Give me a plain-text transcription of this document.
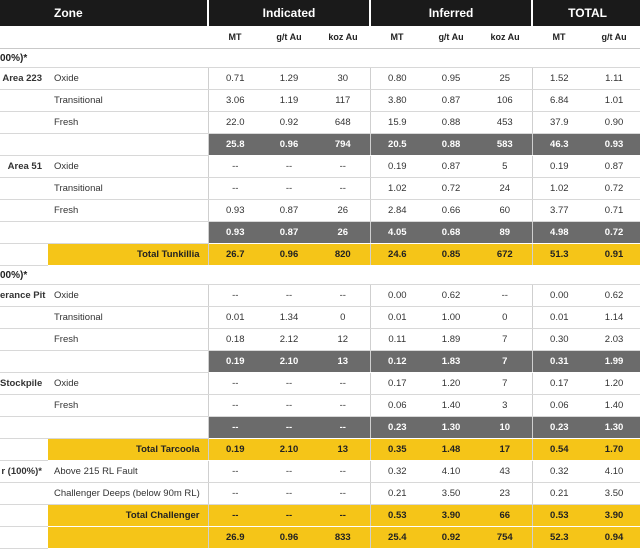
	Zone	Indicated			Inferred			TOTAL	
		MT	g/t Au	koz Au	MT	g/t Au	koz Au	MT	g/t Au
00%)*									
Area 223	Oxide	0.71	1.29	30	0.80	0.95	25	1.52	1.11
	Transitional	3.06	1.19	117	3.80	0.87	106	6.84	1.01
	Fresh	22.0	0.92	648	15.9	0.88	453	37.9	0.90
		25.8	0.96	794	20.5	0.88	583	46.3	0.93
Area 51	Oxide	--	--	--	0.19	0.87	5	0.19	0.87
	Transitional	--	--	--	1.02	0.72	24	1.02	0.72
	Fresh	0.93	0.87	26	2.84	0.66	60	3.77	0.71
		0.93	0.87	26	4.05	0.68	89	4.98	0.72
	Total Tunkillia	26.7	0.96	820	24.6	0.85	672	51.3	0.91
00%)*									
erance Pit	Oxide	--	--	--	0.00	0.62	--	0.00	0.62
	Transitional	0.01	1.34	0	0.01	1.00	0	0.01	1.14
	Fresh	0.18	2.12	12	0.11	1.89	7	0.30	2.03
		0.19	2.10	13	0.12	1.83	7	0.31	1.99
Stockpile	Oxide	--	--	--	0.17	1.20	7	0.17	1.20
	Fresh	--	--	--	0.06	1.40	3	0.06	1.40
		--	--	--	0.23	1.30	10	0.23	1.30
	Total Tarcoola	0.19	2.10	13	0.35	1.48	17	0.54	1.70
r (100%)*	Above 215 RL Fault	--	--	--	0.32	4.10	43	0.32	4.10
	Challenger Deeps (below 90m RL)	--	--	--	0.21	3.50	23	0.21	3.50
	Total Challenger	--	--	--	0.53	3.90	66	0.53	3.90
		26.9	0.96	833	25.4	0.92	754	52.3	0.94
